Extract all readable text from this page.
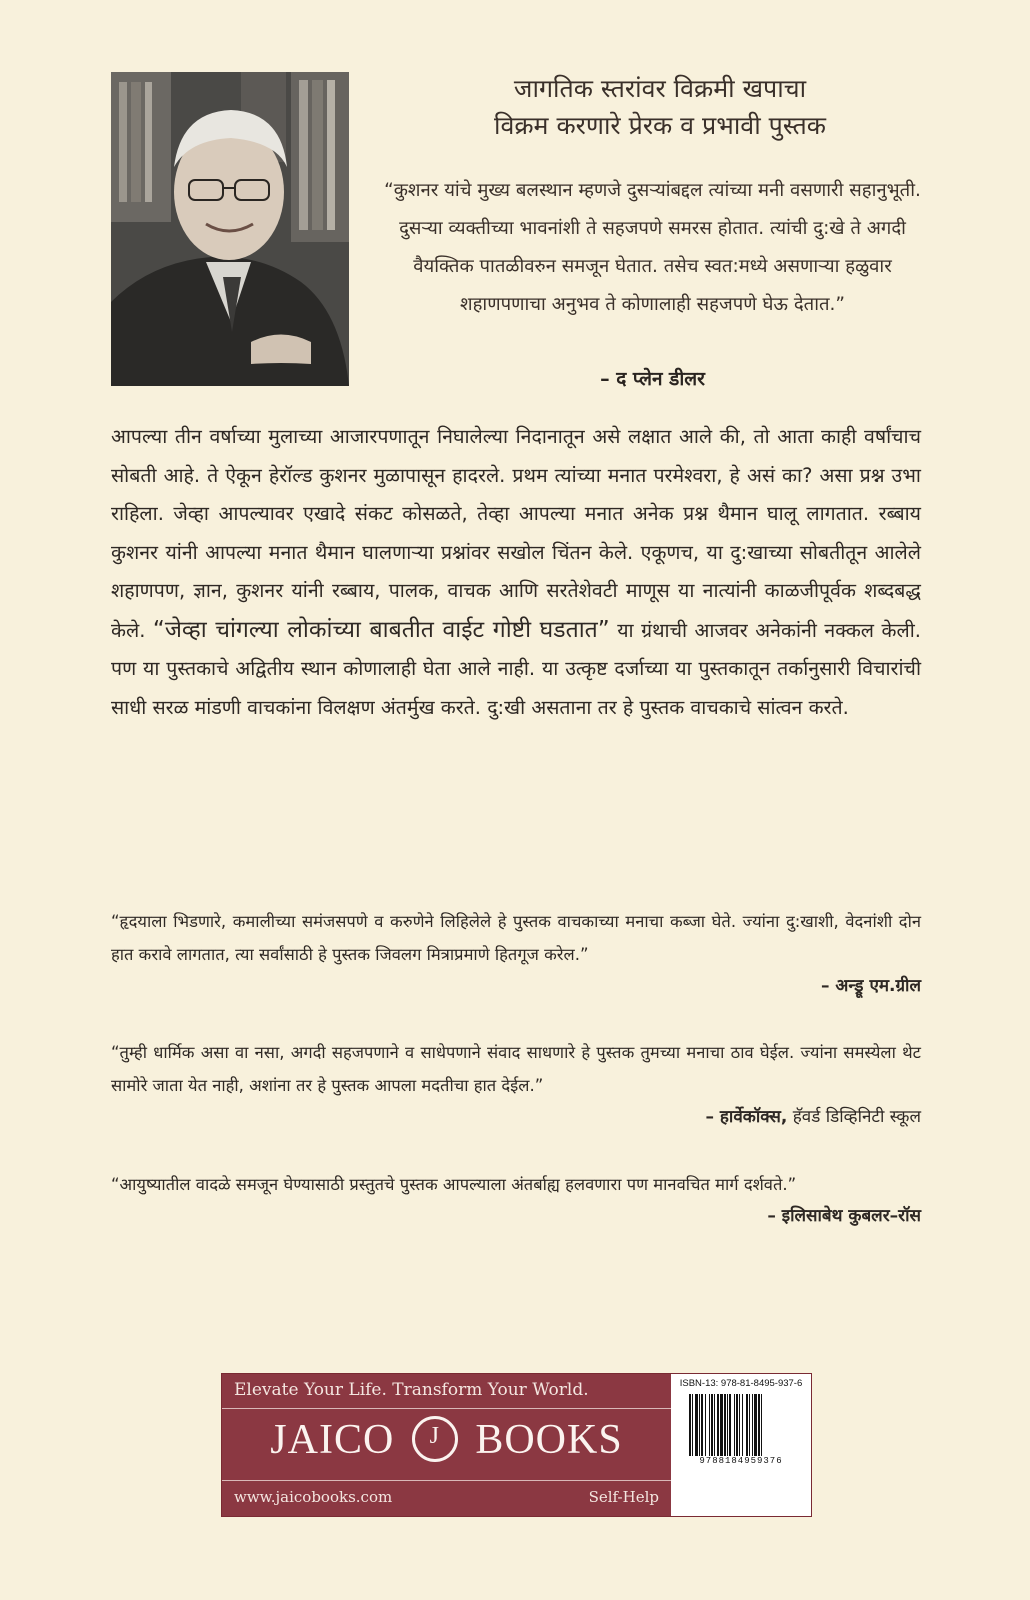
जागतिक स्तरांवर विक्रमी खपाचा
विक्रम करणारे प्रेरक व प्रभावी पुस्तक
“कुशनर यांचे मुख्य बलस्थान म्हणजे दुसऱ्यांबद्दल त्यांच्या मनी वसणारी सहानुभूती. दुसऱ्या व्यक्तीच्या भावनांशी ते सहजपणे समरस होतात. त्यांची दु:खे ते अगदी वैयक्तिक पातळीवरुन समजून घेतात. तसेच स्वत:मध्ये असणाऱ्या हळुवार शहाणपणाचा अनुभव ते कोणालाही सहजपणे घेऊ देतात.”
– द प्लेन डीलर
आपल्या तीन वर्षाच्या मुलाच्या आजारपणातून निघालेल्या निदानातून असे लक्षात आले की, तो आता काही वर्षांचाच सोबती आहे. ते ऐकून हेरॉल्ड कुशनर मुळापासून हादरले. प्रथम त्यांच्या मनात परमेश्वरा, हे असं का? असा प्रश्न उभा राहिला. जेव्हा आपल्यावर एखादे संकट कोसळते, तेव्हा आपल्या मनात अनेक प्रश्न थैमान घालू लागतात. रब्बाय कुशनर यांनी आपल्या मनात थैमान घालणाऱ्या प्रश्नांवर सखोल चिंतन केले. एकूणच, या दु:खाच्या सोबतीतून आलेले शहाणपण, ज्ञान, कुशनर यांनी रब्बाय, पालक, वाचक आणि सरतेशेवटी माणूस या नात्यांनी काळजीपूर्वक शब्दबद्ध केले. “जेव्हा चांगल्या लोकांच्या बाबतीत वाईट गोष्टी घडतात” या ग्रंथाची आजवर अनेकांनी नक्कल केली. पण या पुस्तकाचे अद्वितीय स्थान कोणालाही घेता आले नाही. या उत्कृष्ट दर्जाच्या या पुस्तकातून तर्कानुसारी विचारांची साधी सरळ मांडणी वाचकांना विलक्षण अंतर्मुख करते. दु:खी असताना तर हे पुस्तक वाचकाचे सांत्वन करते.
“हृदयाला भिडणारे, कमालीच्या समंजसपणे व करुणेने लिहिलेले हे पुस्तक वाचकाच्या मनाचा कब्जा घेते. ज्यांना दु:खाशी, वेदनांशी दोन हात करावे लागतात, त्या सर्वांसाठी हे पुस्तक जिवलग मित्राप्रमाणे हितगूज करेल.”
– अन्ड्रू एम.ग्रील
“तुम्ही धार्मिक असा वा नसा, अगदी सहजपणाने व साधेपणाने संवाद साधणारे हे पुस्तक तुमच्या मनाचा ठाव घेईल. ज्यांना समस्येला थेट सामोरे जाता येत नाही, अशांना तर हे पुस्तक आपला मदतीचा हात देईल.”
– हार्वेकॉक्स, हॅवर्ड डिव्हिनिटी स्कूल
“आयुष्यातील वादळे समजून घेण्यासाठी प्रस्तुतचे पुस्तक आपल्याला अंतर्बाह्य हलवणारा पण मानवचित मार्ग दर्शवते.”
– इलिसाबेथ कुबलर–रॉस
Elevate Your Life. Transform Your World.
JAICO J BOOKS
www.jaicobooks.com	Self-Help
ISBN-13: 978-81-8495-937-6
9788184959376
